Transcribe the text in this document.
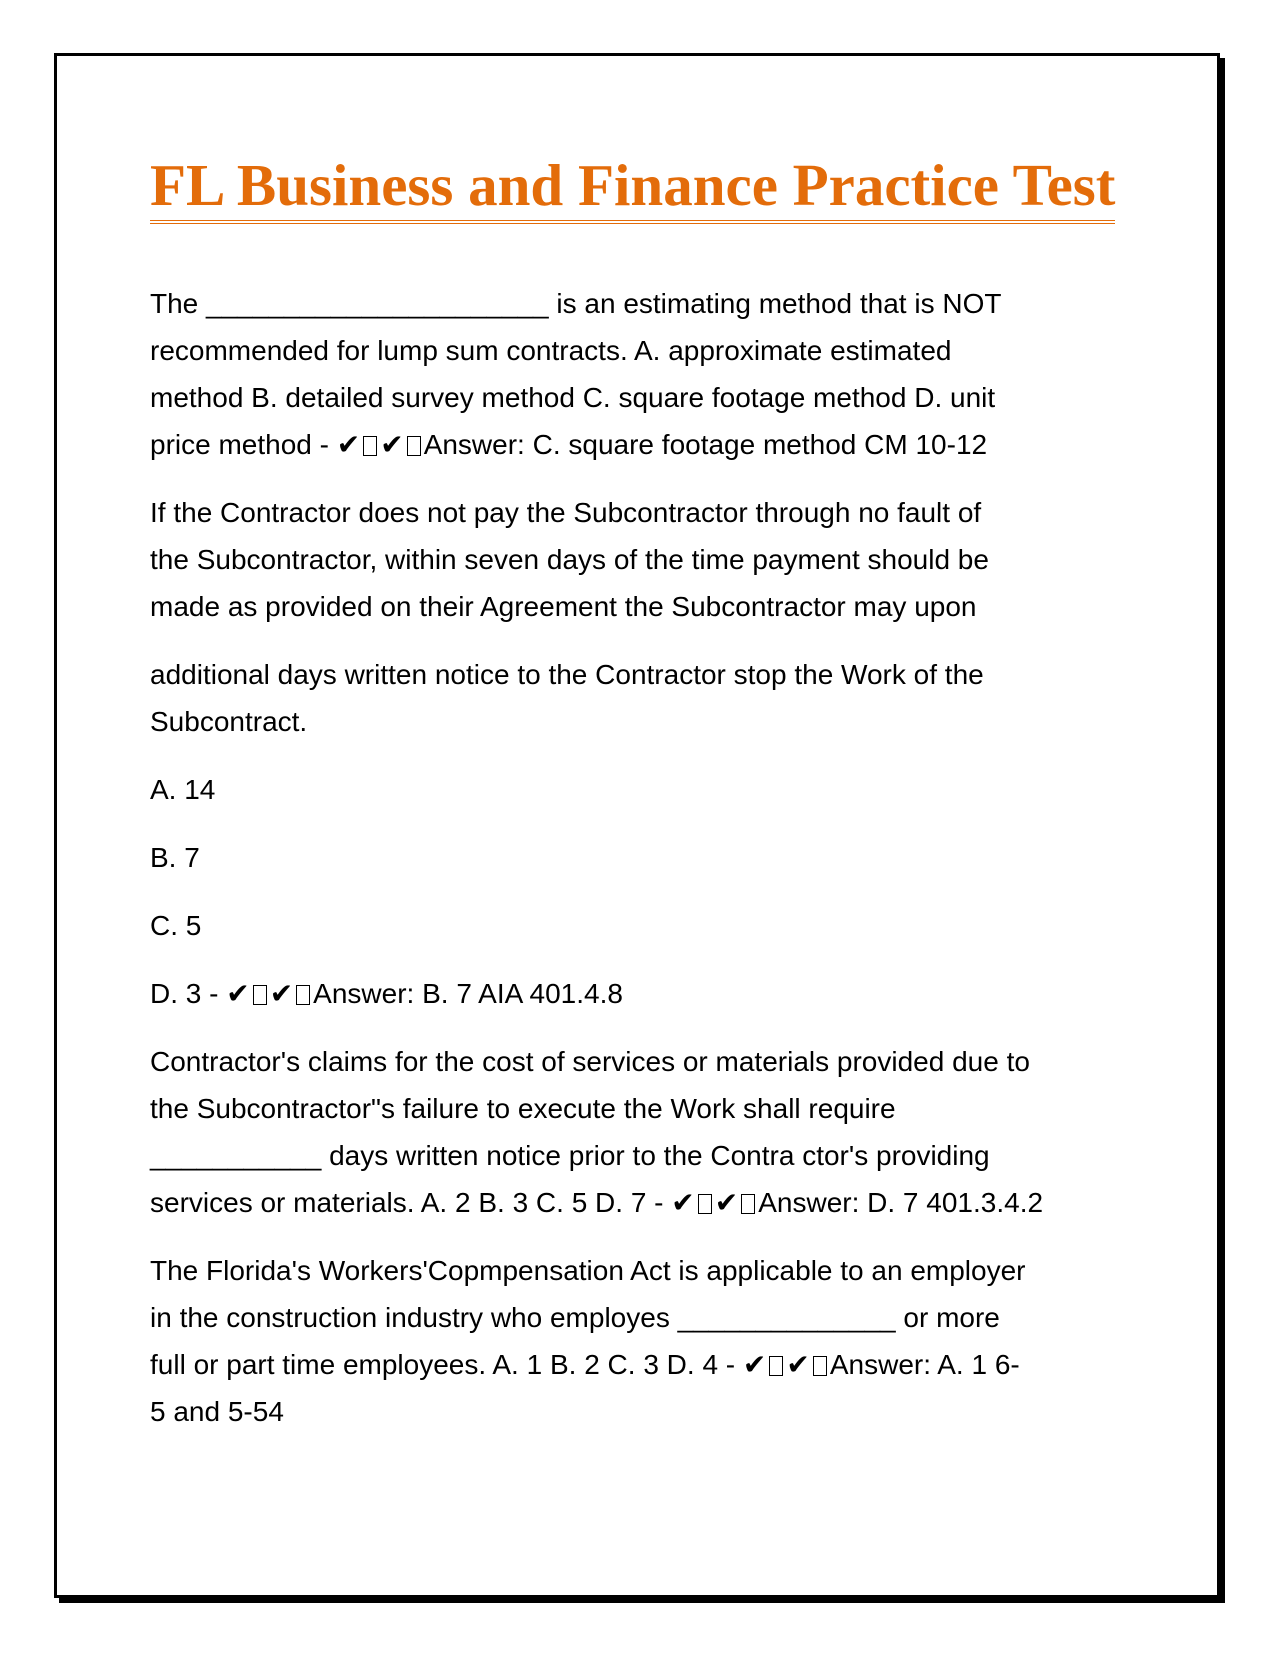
FL Business and Finance Practice Test

The ______________________ is an estimating method that is NOT

recommended for lump sum contracts. A. approximate estimated

method B. detailed survey method C. square footage method D. unit

price method - ✔ ✔ Answer: C. square footage method CM 10-12

If the Contractor does not pay the Subcontractor through no fault of

the Subcontractor, within seven days of the time payment should be

made as provided on their Agreement the Subcontractor may upon

additional days written notice to the Contractor stop the Work of the

Subcontract.

A. 14

B. 7

C. 5

D. 3 - ✔ ✔ Answer: B. 7 AIA 401.4.8

Contractor's claims for the cost of services or materials provided due to

the Subcontractor"s failure to execute the Work shall require

___________ days written notice prior to the Contra ctor's providing

services or materials. A. 2 B. 3 C. 5 D. 7 - ✔ ✔ Answer: D. 7 401.3.4.2

The Florida's Workers'Copmpensation Act is applicable to an employer

in the construction industry who employes ______________ or more

full or part time employees. A. 1 B. 2 C. 3 D. 4 - ✔ ✔ Answer: A. 1 6-

5 and 5-54
